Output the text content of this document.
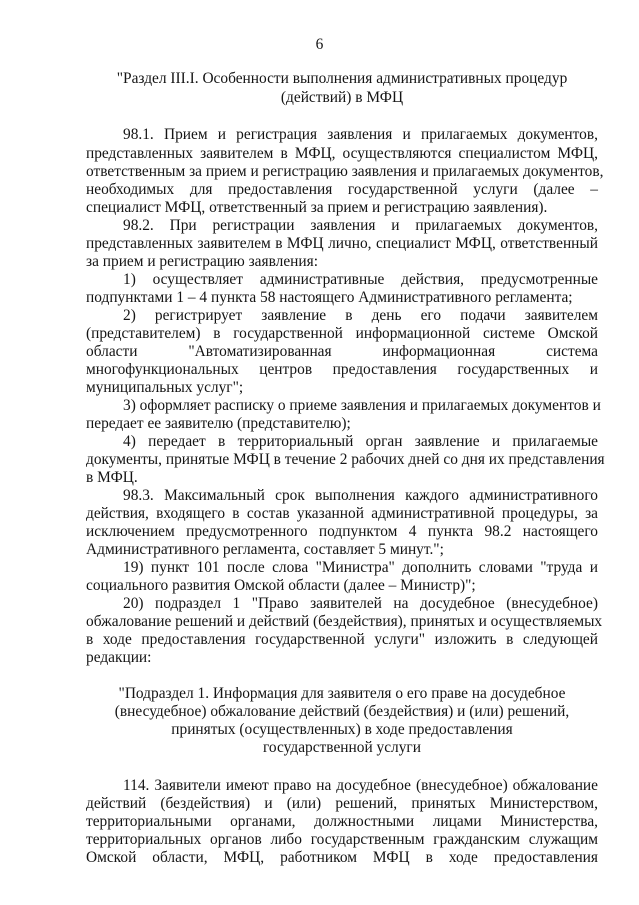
6
"Раздел III.I. Особенности выполнения административных процедур
(действий) в МФЦ
98.1. Прием и регистрация заявления и прилагаемых документов,
представленных заявителем в МФЦ, осуществляются специалистом МФЦ,
ответственным за прием и регистрацию заявления и прилагаемых документов,
необходимых для предоставления государственной услуги (далее –
специалист МФЦ, ответственный за прием и регистрацию заявления).
98.2. При регистрации заявления и прилагаемых документов,
представленных заявителем в МФЦ лично, специалист МФЦ, ответственный
за прием и регистрацию заявления:
1) осуществляет административные действия, предусмотренные
подпунктами 1 – 4 пункта 58 настоящего Административного регламента;
2) регистрирует заявление в день его подачи заявителем
(представителем) в государственной информационной системе Омской
области "Автоматизированная информационная система
многофункциональных центров предоставления государственных и
муниципальных услуг";
3) оформляет расписку о приеме заявления и прилагаемых документов и
передает ее заявителю (представителю);
4) передает в территориальный орган заявление и прилагаемые
документы, принятые МФЦ в течение 2 рабочих дней со дня их представления
в МФЦ.
98.3. Максимальный срок выполнения каждого административного
действия, входящего в состав указанной административной процедуры, за
исключением предусмотренного подпунктом 4 пункта 98.2 настоящего
Административного регламента, составляет 5 минут.";
19) пункт 101 после слова "Министра" дополнить словами "труда и
социального развития Омской области (далее – Министр)";
20) подраздел 1 "Право заявителей на досудебное (внесудебное)
обжалование решений и действий (бездействия), принятых и осуществляемых
в ходе предоставления государственной услуги" изложить в следующей
редакции:
"Подраздел 1. Информация для заявителя о его праве на досудебное
(внесудебное) обжалование действий (бездействия) и (или) решений,
принятых (осуществленных) в ходе предоставления
государственной услуги
114. Заявители имеют право на досудебное (внесудебное) обжалование
действий (бездействия) и (или) решений, принятых Министерством,
территориальными органами, должностными лицами Министерства,
территориальных органов либо государственным гражданским служащим
Омской области, МФЦ, работником МФЦ в ходе предоставления
